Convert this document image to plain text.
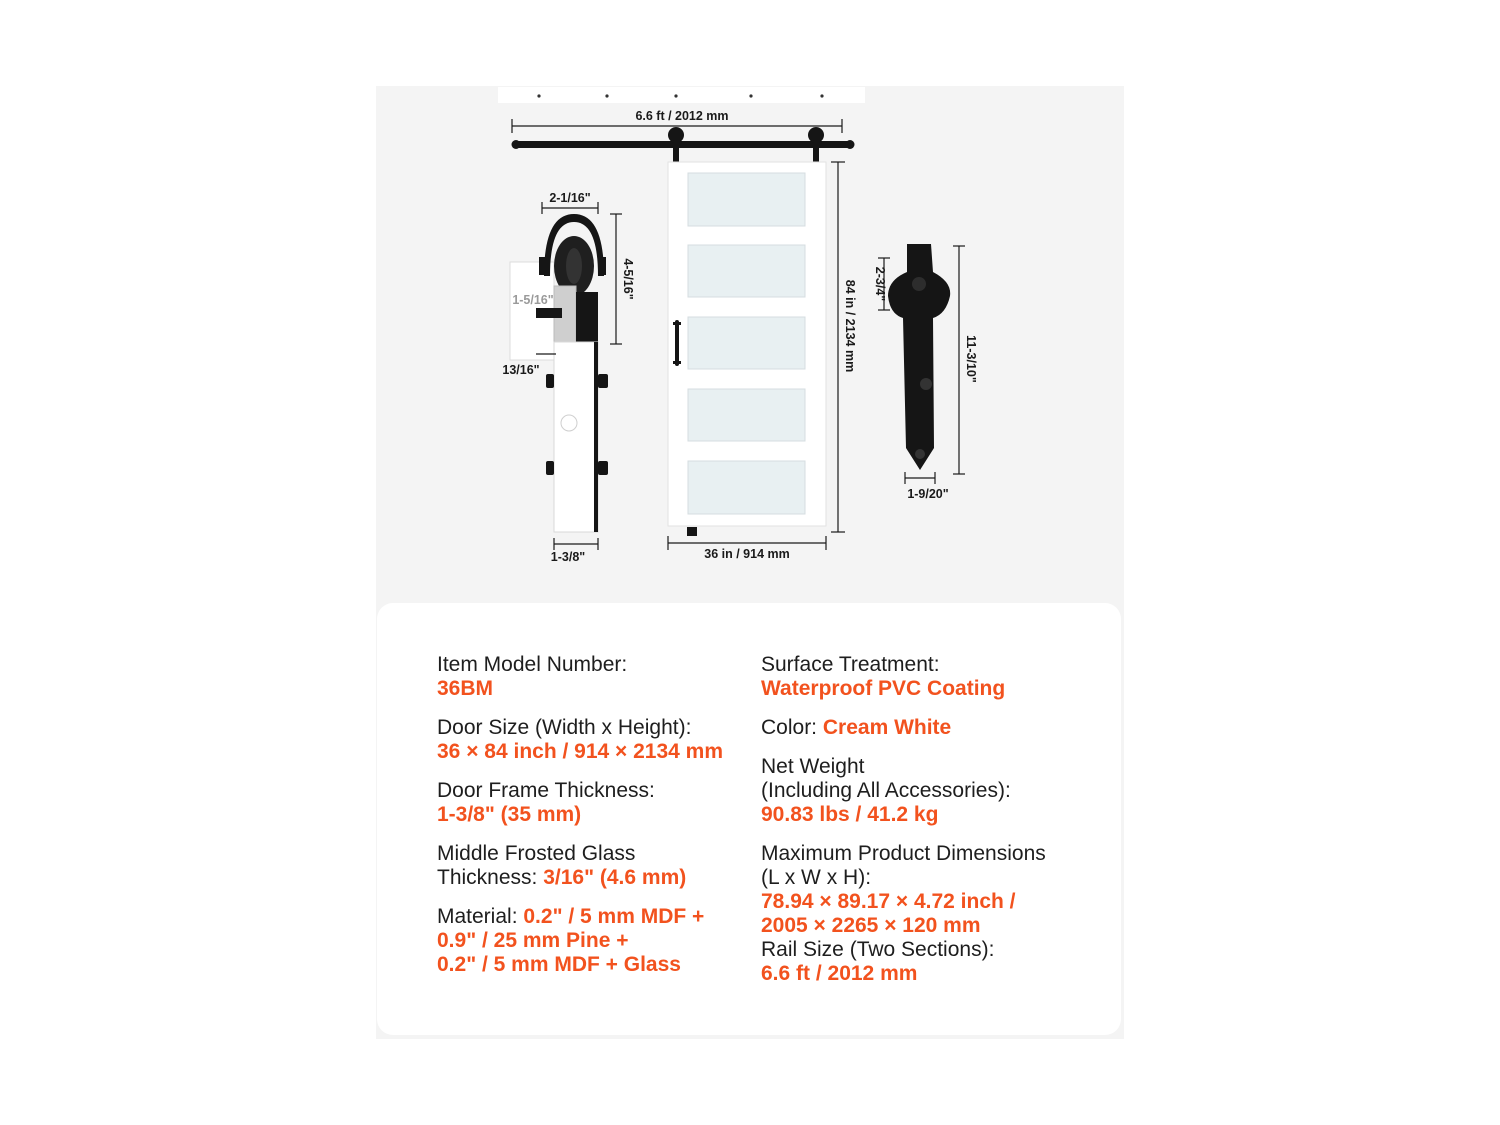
6.6 ft / 2012 mm
84 in / 2134 mm
36 in / 914 mm
2-1/16"
4-5/16"
1-5/16"
13/16"
1-3/8"
2-3/4"
11-3/10"
1-9/20"
Item Model Number:
36BM
Door Size (Width x Height):
36 × 84 inch / 914 × 2134 mm
Door Frame Thickness:
1-3/8" (35 mm)
Middle Frosted Glass
Thickness: 3/16" (4.6 mm)
Material: 0.2" / 5 mm MDF +
0.9" / 25 mm Pine +
0.2" / 5 mm MDF + Glass
Surface Treatment:
Waterproof PVC Coating
Color: Cream White
Net Weight
(Including All Accessories):
90.83 lbs / 41.2 kg
Maximum Product Dimensions
(L x W x H):
78.94 × 89.17 × 4.72 inch /
2005 × 2265 × 120 mm
Rail Size (Two Sections):
6.6 ft / 2012 mm
